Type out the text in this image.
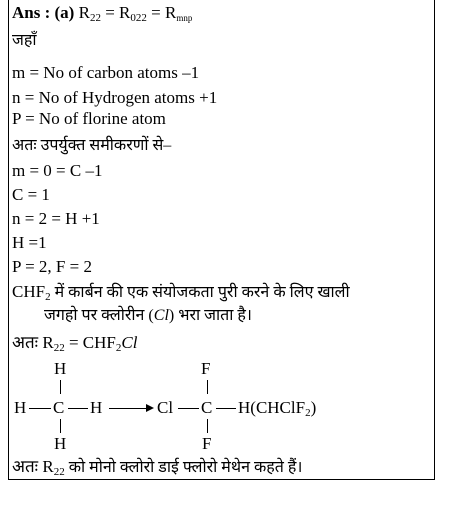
Ans : (a) $R_{22} = R_{022} = R_{mnp}$
जहाँ
m = No of carbon atoms –1
n = No of Hydrogen atoms +1
P = No of florine atom
अतः उपर्युक्त समीकरणों से–
m = 0 = C –1
C = 1
n = 2 = H +1
H =1
P = 2, F = 2
$CHF_2$ में कार्बन की एक संयोजकता पुरी करने के लिए खाली
जगहो पर क्लोरीन (Cl) भरा जाता है।
अतः $R_{22} = CHF_2Cl$
H
H C H
H
F
Cl C H(CHClF$_2$)
F
अतः $R_{22}$ को मोनो क्लोरो डाई फ्लोरो मेथेन कहते हैं।
